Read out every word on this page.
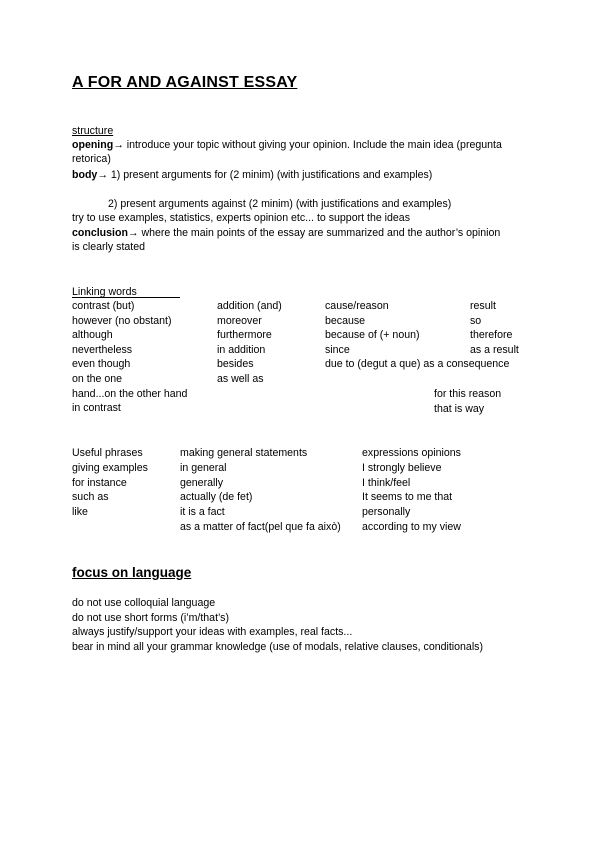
A FOR AND AGAINST ESSAY
structure
opening→ introduce your topic without giving your opinion. Include the main idea (pregunta
retorica)
body→ 1) present arguments for (2 minim) (with justifications and examples)
2) present arguments against (2 minim) (with justifications and examples)
try to use examples, statistics, experts opinion etc... to support the ideas
conclusion→ where the main points of the essay are summarized and the author’s opinion
is clearly stated
Linking words
contrast (but)
however (no obstant)
although
nevertheless
even though
on the one
hand...on the other hand
in contrast
addition (and)
moreover
furthermore
in addition
besides
as well as
cause/reason
because
because of (+ noun)
since
due to (degut a que) as a consequence
result
so
therefore
as a result
for this reason
that is way
Useful phrases
giving examples
for instance
such as
like
making general statements
in general
generally
actually (de fet)
it is a fact
as a matter of fact(pel que fa això)
expressions opinions
I strongly believe
I think/feel
It seems to me that
personally
according to my view
focus on language
do not use colloquial language
do not use short forms (i’m/that’s)
always justify/support your ideas with examples, real facts...
bear in mind all your grammar knowledge (use of modals, relative clauses, conditionals)
